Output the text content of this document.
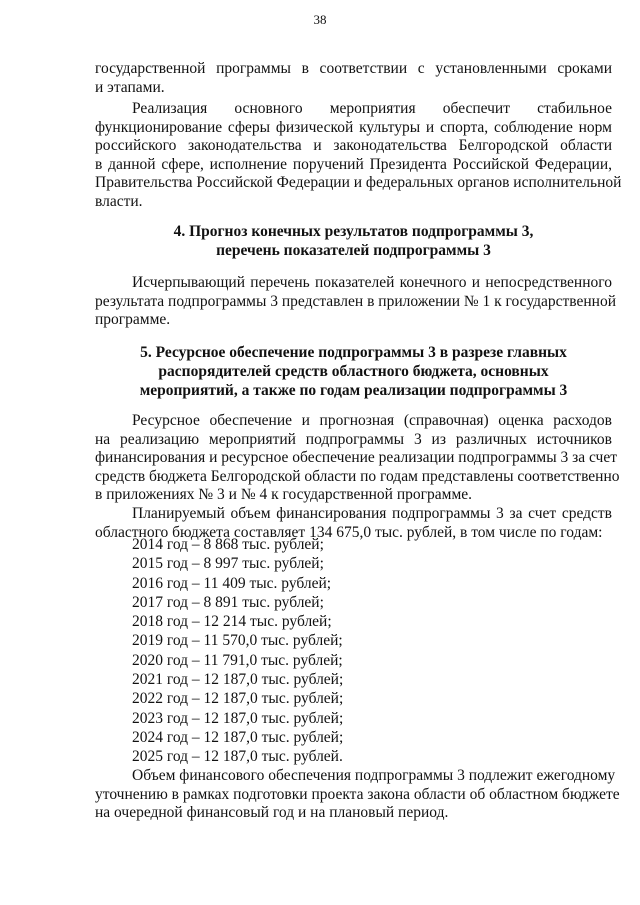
38
государственной программы в соответствии с установленными сроками
и этапами.
Реализация основного мероприятия обеспечит стабильное
функционирование сферы физической культуры и спорта, соблюдение норм
российского законодательства и законодательства Белгородской области
в данной сфере, исполнение поручений Президента Российской Федерации,
Правительства Российской Федерации и федеральных органов исполнительной
власти.
4. Прогноз конечных результатов подпрограммы 3,
перечень показателей подпрограммы 3
Исчерпывающий перечень показателей конечного и непосредственного
результата подпрограммы 3 представлен в приложении № 1 к государственной
программе.
5. Ресурсное обеспечение подпрограммы 3 в разрезе главных
распорядителей средств областного бюджета, основных
мероприятий, а также по годам реализации подпрограммы 3
Ресурсное обеспечение и прогнозная (справочная) оценка расходов
на реализацию мероприятий подпрограммы 3 из различных источников
финансирования и ресурсное обеспечение реализации подпрограммы 3 за счет
средств бюджета Белгородской области по годам представлены соответственно
в приложениях № 3 и № 4 к государственной программе.
Планируемый объем финансирования подпрограммы 3 за счет средств
областного бюджета составляет 134 675,0 тыс. рублей, в том числе по годам:
2014 год – 8 868 тыс. рублей;
2015 год – 8 997 тыс. рублей;
2016 год – 11 409 тыс. рублей;
2017 год – 8 891 тыс. рублей;
2018 год – 12 214 тыс. рублей;
2019 год – 11 570,0 тыс. рублей;
2020 год – 11 791,0 тыс. рублей;
2021 год – 12 187,0 тыс. рублей;
2022 год – 12 187,0 тыс. рублей;
2023 год – 12 187,0 тыс. рублей;
2024 год – 12 187,0 тыс. рублей;
2025 год – 12 187,0 тыс. рублей.
Объем финансового обеспечения подпрограммы 3 подлежит ежегодному
уточнению в рамках подготовки проекта закона области об областном бюджете
на очередной финансовый год и на плановый период.
